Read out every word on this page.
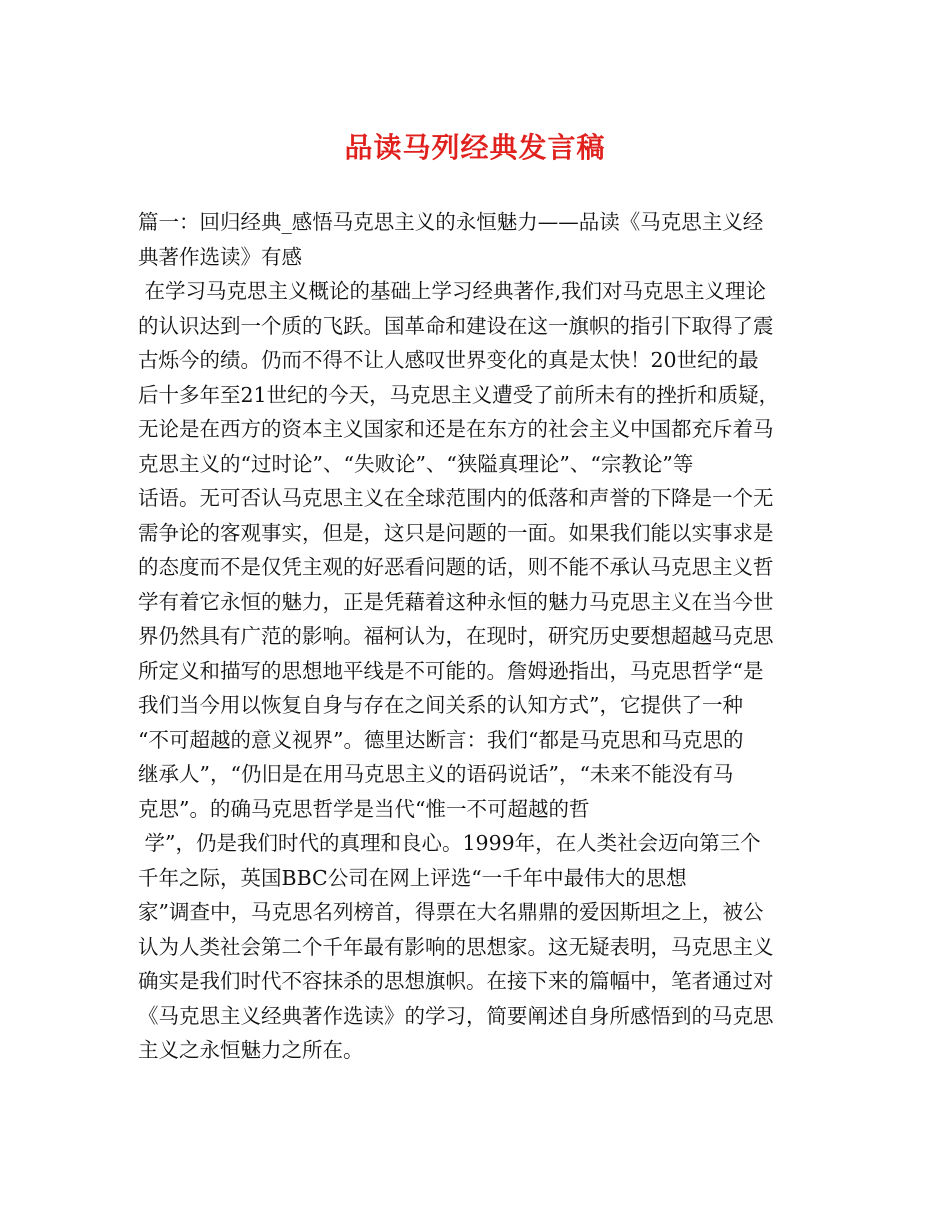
品读马列经典发言稿
篇一：回归经典_感悟马克思主义的永恒魅力——品读《马克思主义经
典著作选读》有感
在学习马克思主义概论的基础上学习经典著作,我们对马克思主义理论
的认识达到一个质的飞跃。国革命和建设在这一旗帜的指引下取得了震
古烁今的绩。仍而不得不让人感叹世界变化的真是太快！20世纪的最
后十多年至21世纪的今天，马克思主义遭受了前所未有的挫折和质疑，
无论是在西方的资本主义国家和还是在东方的社会主义中国都充斥着马
克思主义的“过时论”、“失败论”、“狭隘真理论”、“宗教论”等
话语。无可否认马克思主义在全球范围内的低落和声誉的下降是一个无
需争论的客观事实，但是，这只是问题的一面。如果我们能以实事求是
的态度而不是仅凭主观的好恶看问题的话，则不能不承认马克思主义哲
学有着它永恒的魅力，正是凭藉着这种永恒的魅力马克思主义在当今世
界仍然具有广范的影响。福柯认为，在现时，研究历史要想超越马克思
所定义和描写的思想地平线是不可能的。詹姆逊指出，马克思哲学“是
我们当今用以恢复自身与存在之间关系的认知方式”，它提供了一种
“不可超越的意义视界”。德里达断言：我们“都是马克思和马克思的
继承人”，“仍旧是在用马克思主义的语码说话”，“未来不能没有马
克思”。的确马克思哲学是当代“惟一不可超越的哲
学”，仍是我们时代的真理和良心。1999年，在人类社会迈向第三个
千年之际，英国BBC公司在网上评选“一千年中最伟大的思想
家”调查中，马克思名列榜首，得票在大名鼎鼎的爱因斯坦之上，被公
认为人类社会第二个千年最有影响的思想家。这无疑表明，马克思主义
确实是我们时代不容抹杀的思想旗帜。在接下来的篇幅中，笔者通过对
《马克思主义经典著作选读》的学习，简要阐述自身所感悟到的马克思
主义之永恒魅力之所在。
